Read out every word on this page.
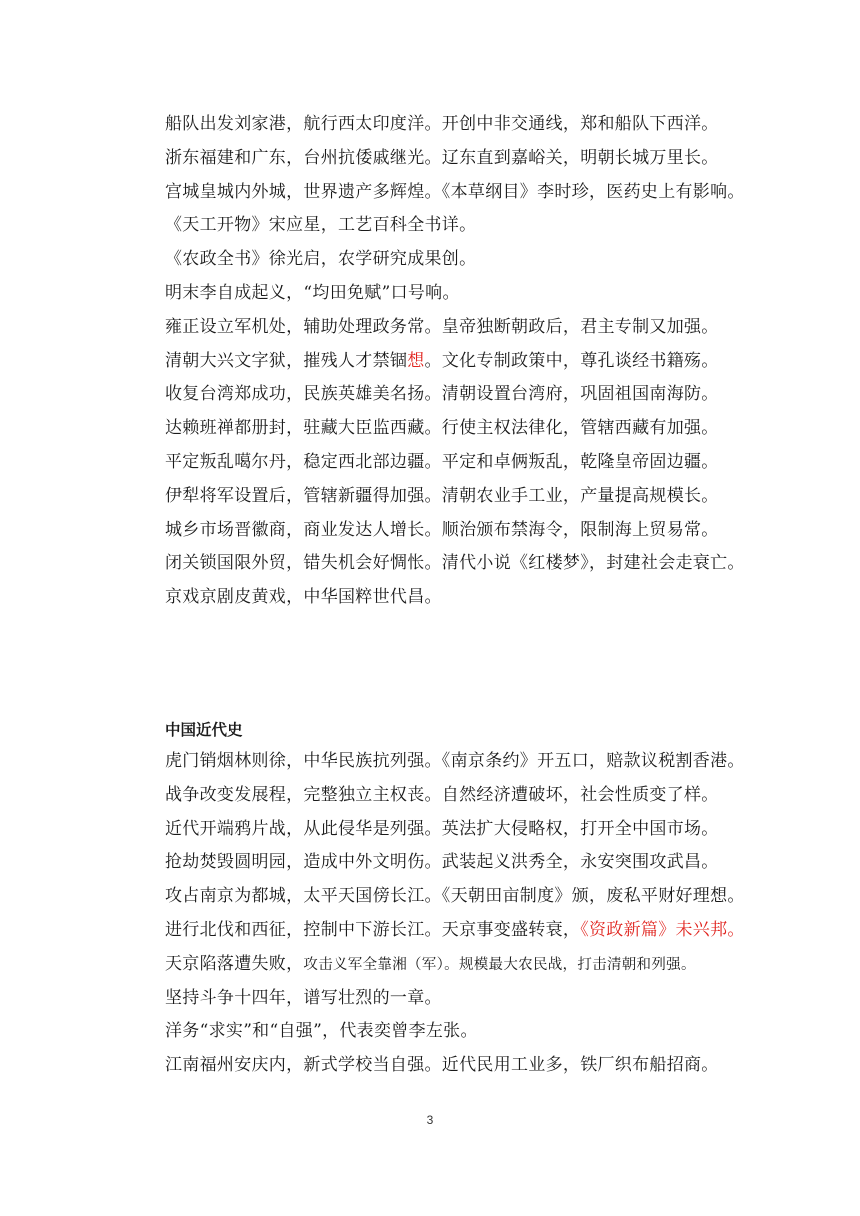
船队出发刘家港，航行西太印度洋。开创中非交通线，郑和船队下西洋。
浙东福建和广东，台州抗倭戚继光。辽东直到嘉峪关，明朝长城万里长。
宫城皇城内外城，世界遗产多辉煌。《本草纲目》李时珍，医药史上有影响。
《天工开物》宋应星，工艺百科全书详。
《农政全书》徐光启，农学研究成果创。
明末李自成起义，“均田免赋”口号响。
雍正设立军机处，辅助处理政务常。皇帝独断朝政后，君主专制又加强。
清朝大兴文字狱，摧残人才禁锢想。文化专制政策中，尊孔谈经书籍殇。
收复台湾郑成功，民族英雄美名扬。清朝设置台湾府，巩固祖国南海防。
达赖班禅都册封，驻藏大臣监西藏。行使主权法律化，管辖西藏有加强。
平定叛乱噶尔丹，稳定西北部边疆。平定和卓俩叛乱，乾隆皇帝固边疆。
伊犁将军设置后，管辖新疆得加强。清朝农业手工业，产量提高规模长。
城乡市场晋徽商，商业发达人增长。顺治颁布禁海令，限制海上贸易常。
闭关锁国限外贸，错失机会好惆怅。清代小说《红楼梦》，封建社会走衰亡。
京戏京剧皮黄戏，中华国粹世代昌。
中国近代史
虎门销烟林则徐，中华民族抗列强。《南京条约》开五口，赔款议税割香港。
战争改变发展程，完整独立主权丧。自然经济遭破坏，社会性质变了样。
近代开端鸦片战，从此侵华是列强。英法扩大侵略权，打开全中国市场。
抢劫焚毁圆明园，造成中外文明伤。武装起义洪秀全，永安突围攻武昌。
攻占南京为都城，太平天国傍长江。《天朝田亩制度》颁，废私平财好理想。
进行北伐和西征，控制中下游长江。天京事变盛转衰，《资政新篇》未兴邦。
天京陷落遭失败，攻击义军全靠湘（军）。规模最大农民战，打击清朝和列强。
坚持斗争十四年，谱写壮烈的一章。
洋务“求实”和“自强”，代表奕曾李左张。
江南福州安庆内，新式学校当自强。近代民用工业多，铁厂织布船招商。
3
